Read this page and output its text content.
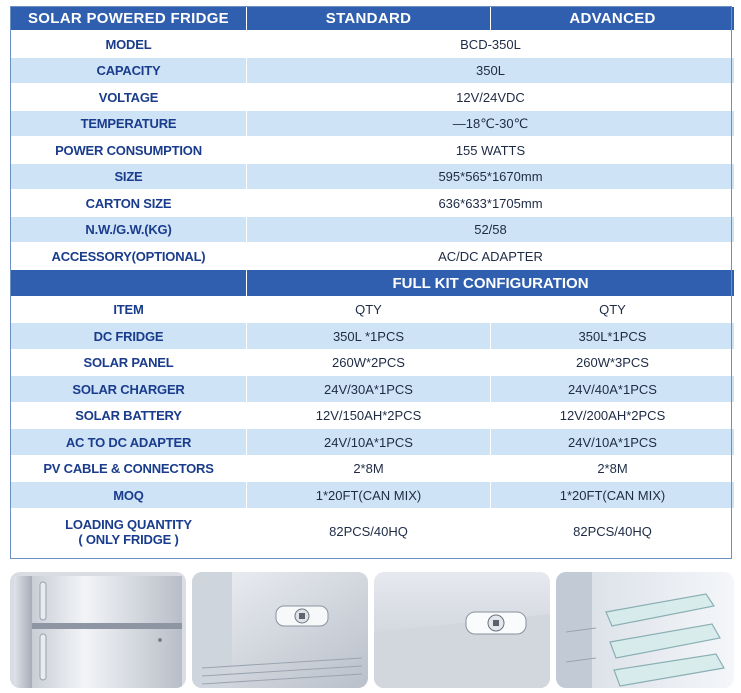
SOLAR POWERED FRIDGE	STANDARD	ADVANCED
MODEL	BCD-350L	
CAPACITY	350L	
VOLTAGE	12V/24VDC	
TEMPERATURE	—18℃-30℃	
POWER CONSUMPTION	155 WATTS	
SIZE	595*565*1670mm	
CARTON SIZE	636*633*1705mm	
N.W./G.W.(KG)	52/58	
ACCESSORY(OPTIONAL)	AC/DC ADAPTER	
	FULL KIT CONFIGURATION	
ITEM	QTY	QTY
DC FRIDGE	350L *1PCS	350L*1PCS
SOLAR PANEL	260W*2PCS	260W*3PCS
SOLAR CHARGER	24V/30A*1PCS	24V/40A*1PCS
SOLAR BATTERY	12V/150AH*2PCS	12V/200AH*2PCS
AC TO DC ADAPTER	24V/10A*1PCS	24V/10A*1PCS
PV CABLE & CONNECTORS	2*8M	2*8M
MOQ	1*20FT(CAN MIX)	1*20FT(CAN MIX)

LOADING QUANTITY
( ONLY FRIDGE )	82PCS/40HQ	82PCS/40HQ
